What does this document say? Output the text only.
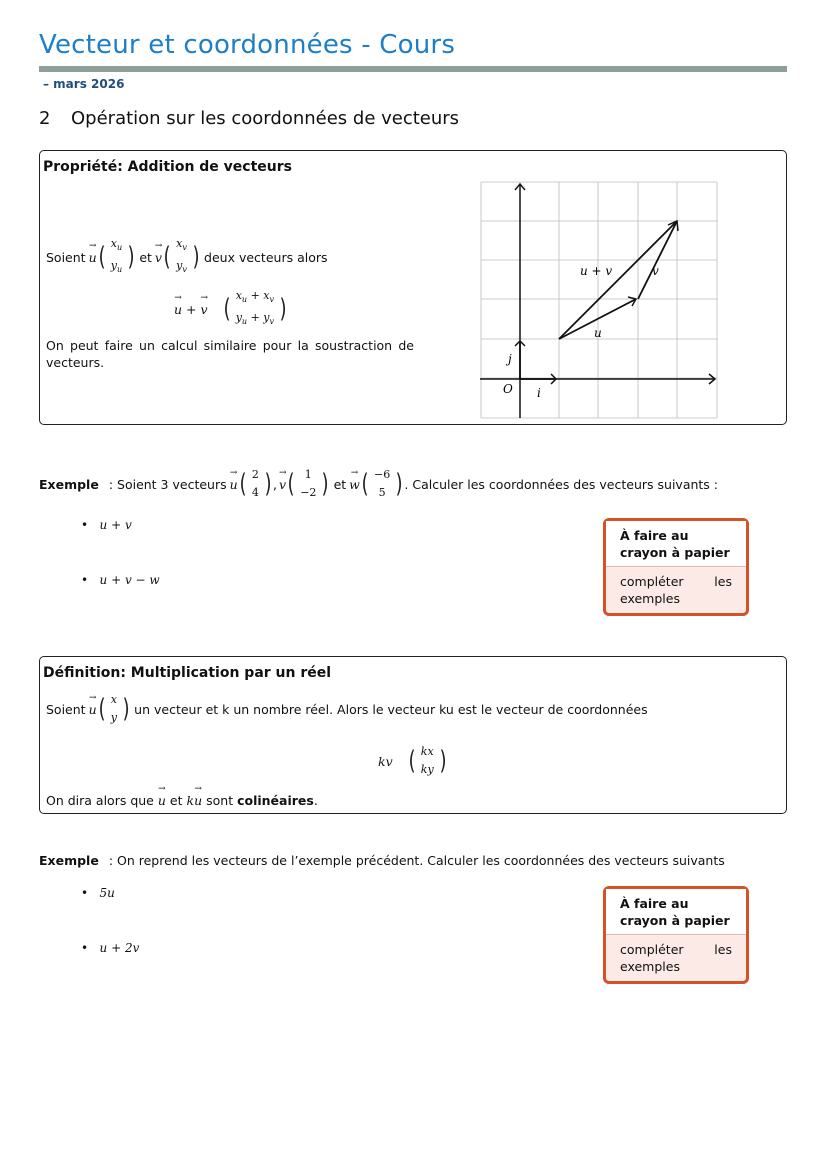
Vecteur et coordonnées - Cours
– mars 2026
2 Opération sur les coordonnées de vecteurs
Propriété: Addition de vecteurs
Soient → u ( $x_u$
$y_u$ ) et → v ( $x_v$
$y_v$ ) deux vecteurs alors
→ u + → v ( $x_u + x_v$
$y_u + y_v$ )
On peut faire un calcul similaire pour la soustraction de vecteurs.
O i
j
u
v
u + v
Exemple : Soient 3 vecteurs → u ( 2
4 ) , → v ( 1
−2 ) et → w ( −6
5 ) . Calculer les coordonnées des vecteurs suivants :
•   u + v
•   u + v − w
À faire au crayon à papier
compléter les exemples
Définition: Multiplication par un réel
Soient → u ( x
y ) un vecteur et k un nombre réel. Alors le vecteur ku est le vecteur de coordonnées
kv ( kx
ky )
On dira alors que → u et k→ u sont colinéaires.
Exemple : On reprend les vecteurs de l’exemple précédent. Calculer les coordonnées des vecteurs suivants
•   5u
•   u + 2v
À faire au crayon à papier
compléter les exemples
